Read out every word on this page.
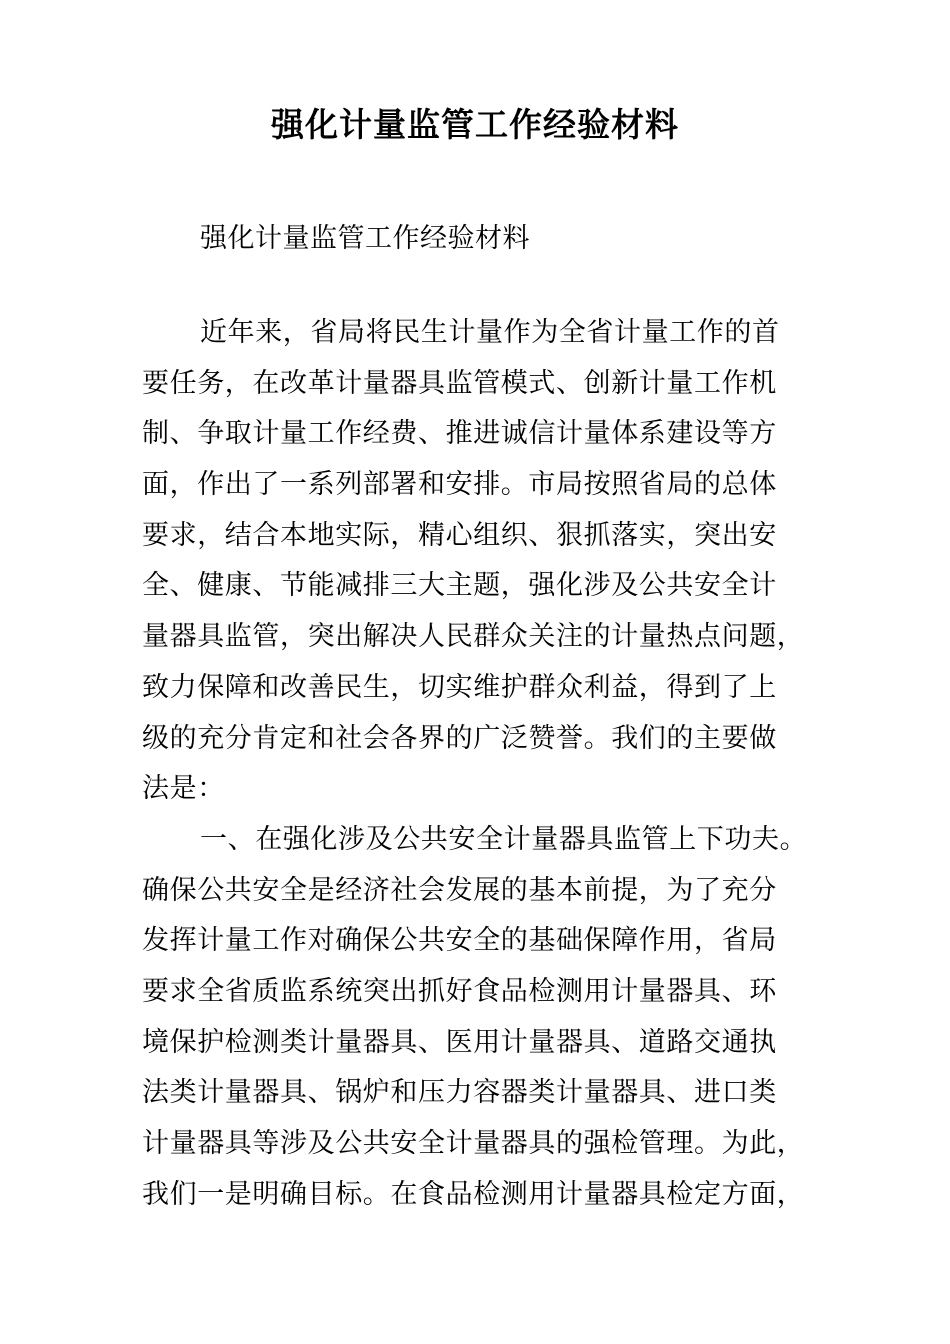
强化计量监管工作经验材料
强化计量监管工作经验材料
近年来，省局将民生计量作为全省计量工作的首
要任务，在改革计量器具监管模式、创新计量工作机
制、争取计量工作经费、推进诚信计量体系建设等方
面，作出了一系列部署和安排。市局按照省局的总体
要求，结合本地实际，精心组织、狠抓落实，突出安
全、健康、节能减排三大主题，强化涉及公共安全计
量器具监管，突出解决人民群众关注的计量热点问题，
致力保障和改善民生，切实维护群众利益，得到了上
级的充分肯定和社会各界的广泛赞誉。我们的主要做
法是：
一、在强化涉及公共安全计量器具监管上下功夫。
确保公共安全是经济社会发展的基本前提，为了充分
发挥计量工作对确保公共安全的基础保障作用，省局
要求全省质监系统突出抓好食品检测用计量器具、环
境保护检测类计量器具、医用计量器具、道路交通执
法类计量器具、锅炉和压力容器类计量器具、进口类
计量器具等涉及公共安全计量器具的强检管理。为此，
我们一是明确目标。在食品检测用计量器具检定方面，
